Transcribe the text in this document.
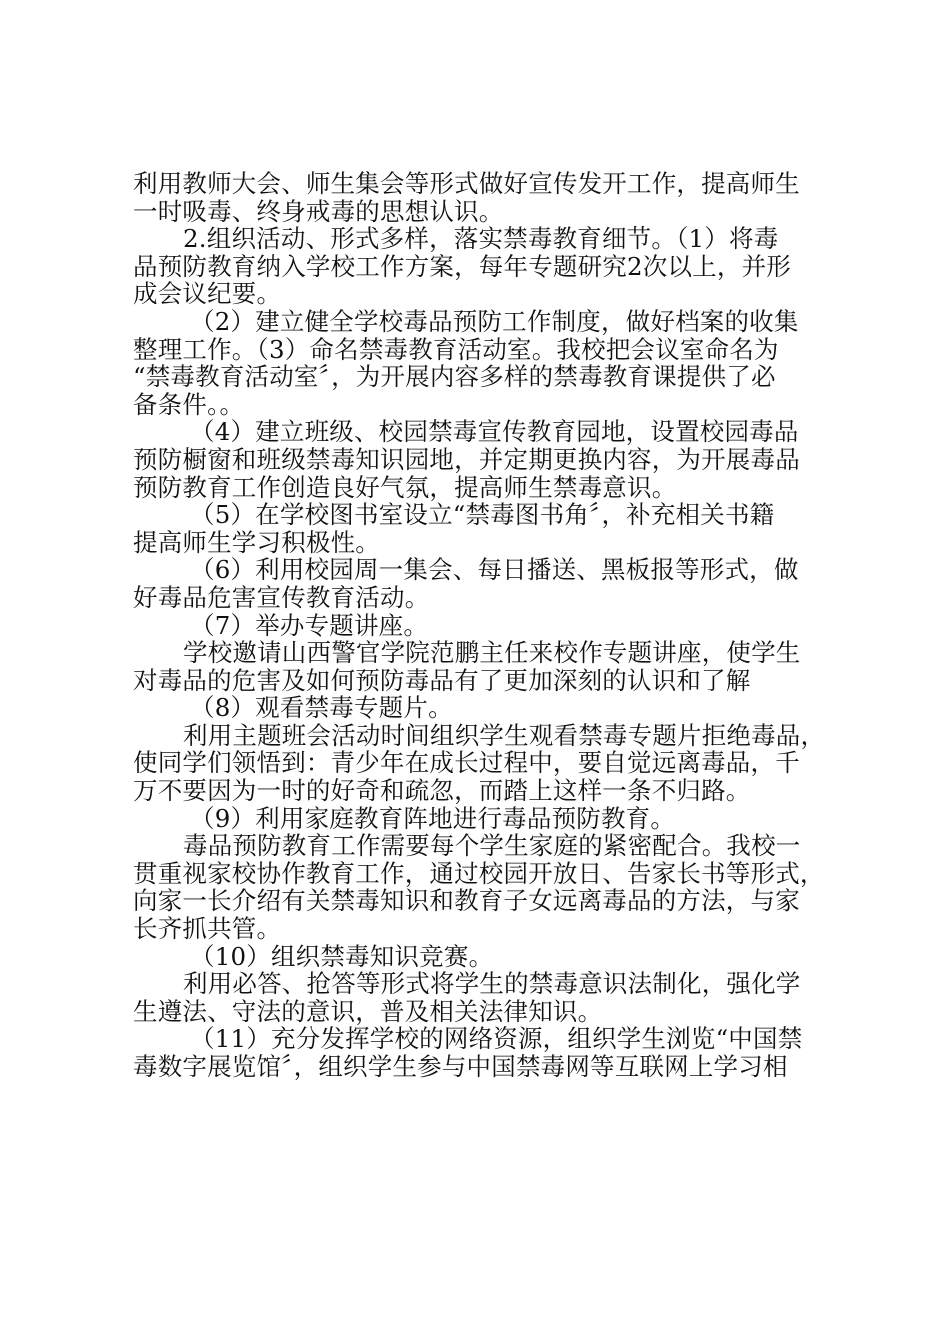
利用教师大会、师生集会等形式做好宣传发开工作，提高师生
一时吸毒、终身戒毒的思想认识。
2.组织活动、形式多样，落实禁毒教育细节。（1）将毒
品预防教育纳入学校工作方案，每年专题研究2次以上，并形
成会议纪要。
（2）建立健全学校毒品预防工作制度，做好档案的收集
整理工作。（3）命名禁毒教育活动室。我校把会议室命名为
“禁毒教育活动室〞，为开展内容多样的禁毒教育课提供了必
备条件。。
（4）建立班级、校园禁毒宣传教育园地，设置校园毒品
预防橱窗和班级禁毒知识园地，并定期更换内容，为开展毒品
预防教育工作创造良好气氛，提高师生禁毒意识。
（5）在学校图书室设立“禁毒图书角〞，补充相关书籍
提高师生学习积极性。
（6）利用校园周一集会、每日播送、黑板报等形式，做
好毒品危害宣传教育活动。
（7）举办专题讲座。
学校邀请山西警官学院范鹏主任来校作专题讲座，使学生
对毒品的危害及如何预防毒品有了更加深刻的认识和了解
（8）观看禁毒专题片。
利用主题班会活动时间组织学生观看禁毒专题片拒绝毒品，
使同学们领悟到：青少年在成长过程中，要自觉远离毒品，千
万不要因为一时的好奇和疏忽，而踏上这样一条不归路。
（9）利用家庭教育阵地进行毒品预防教育。
毒品预防教育工作需要每个学生家庭的紧密配合。我校一
贯重视家校协作教育工作，通过校园开放日、告家长书等形式，
向家一长介绍有关禁毒知识和教育子女远离毒品的方法，与家
长齐抓共管。
（10）组织禁毒知识竞赛。
利用必答、抢答等形式将学生的禁毒意识法制化，强化学
生遵法、守法的意识，普及相关法律知识。
（11）充分发挥学校的网络资源，组织学生浏览“中国禁
毒数字展览馆〞，组织学生参与中国禁毒网等互联网上学习相
